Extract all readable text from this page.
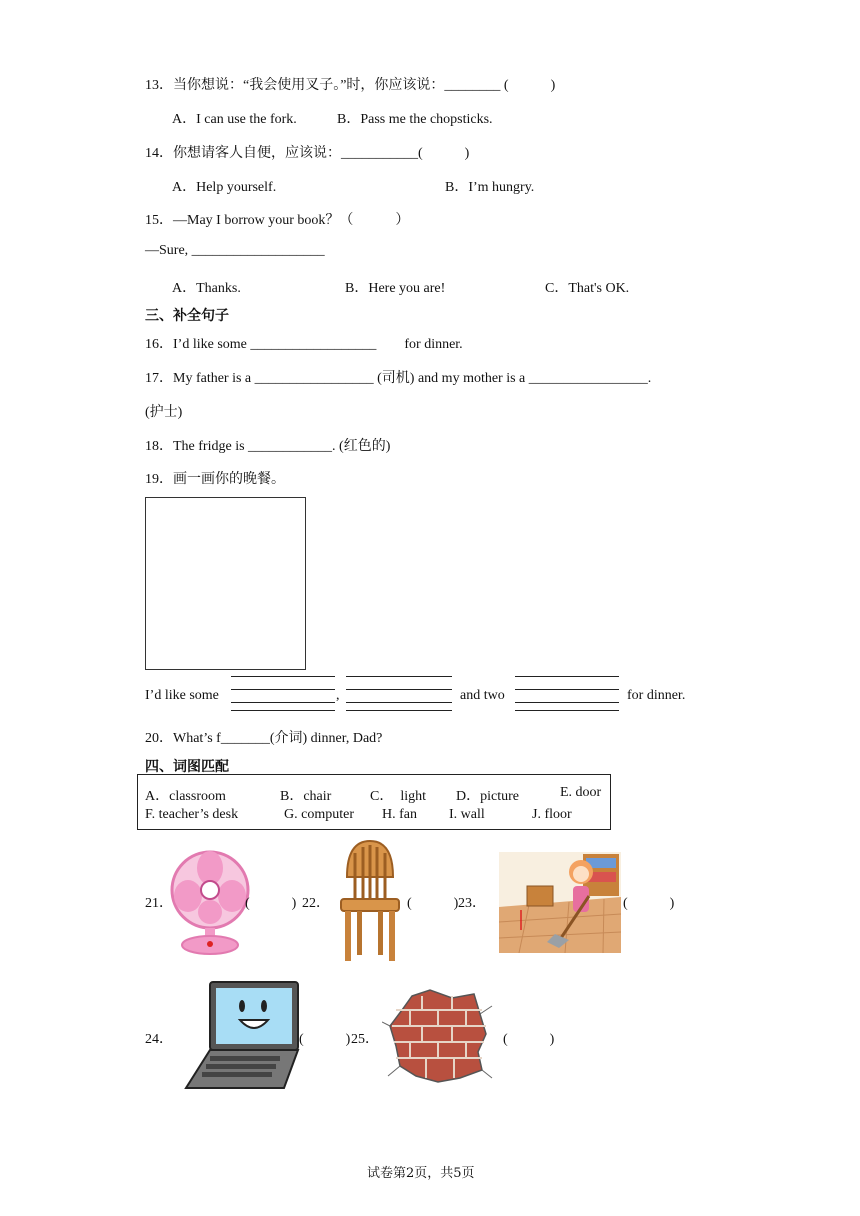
13．当你想说：“我会使用叉子。”时，你应该说：________ (　　　)
A．I can use the fork.	B．Pass me the chopsticks.
14．你想请客人自便，应该说：___________(　　　)
A．Help yourself.	B．I’m hungry.
15．—May I borrow your book？（　　　）
—Sure, ___________________
A．Thanks.	B．Here you are!	C．That's OK.
三、补全句子
16．I’d like some __________________　　for dinner.
17．My father is a _________________ (司机) and my mother is a _________________.
(护士)
18．The fridge is ____________. (红色的)
19．画一画你的晚餐。
I’d like some	,	and two	for dinner.
20．What’s f_______(介词) dinner, Dad?
四、词图匹配
A．classroom	B．chair	C．　light D．picture	E. door
F. teacher’s desk	G. computer H. fan I. wall	J. floor
21．	(　　　) 22．	(　　　) 23．	(　　　)
24．	(　　　) 25．	(　　　)
试卷第2页，共5页
